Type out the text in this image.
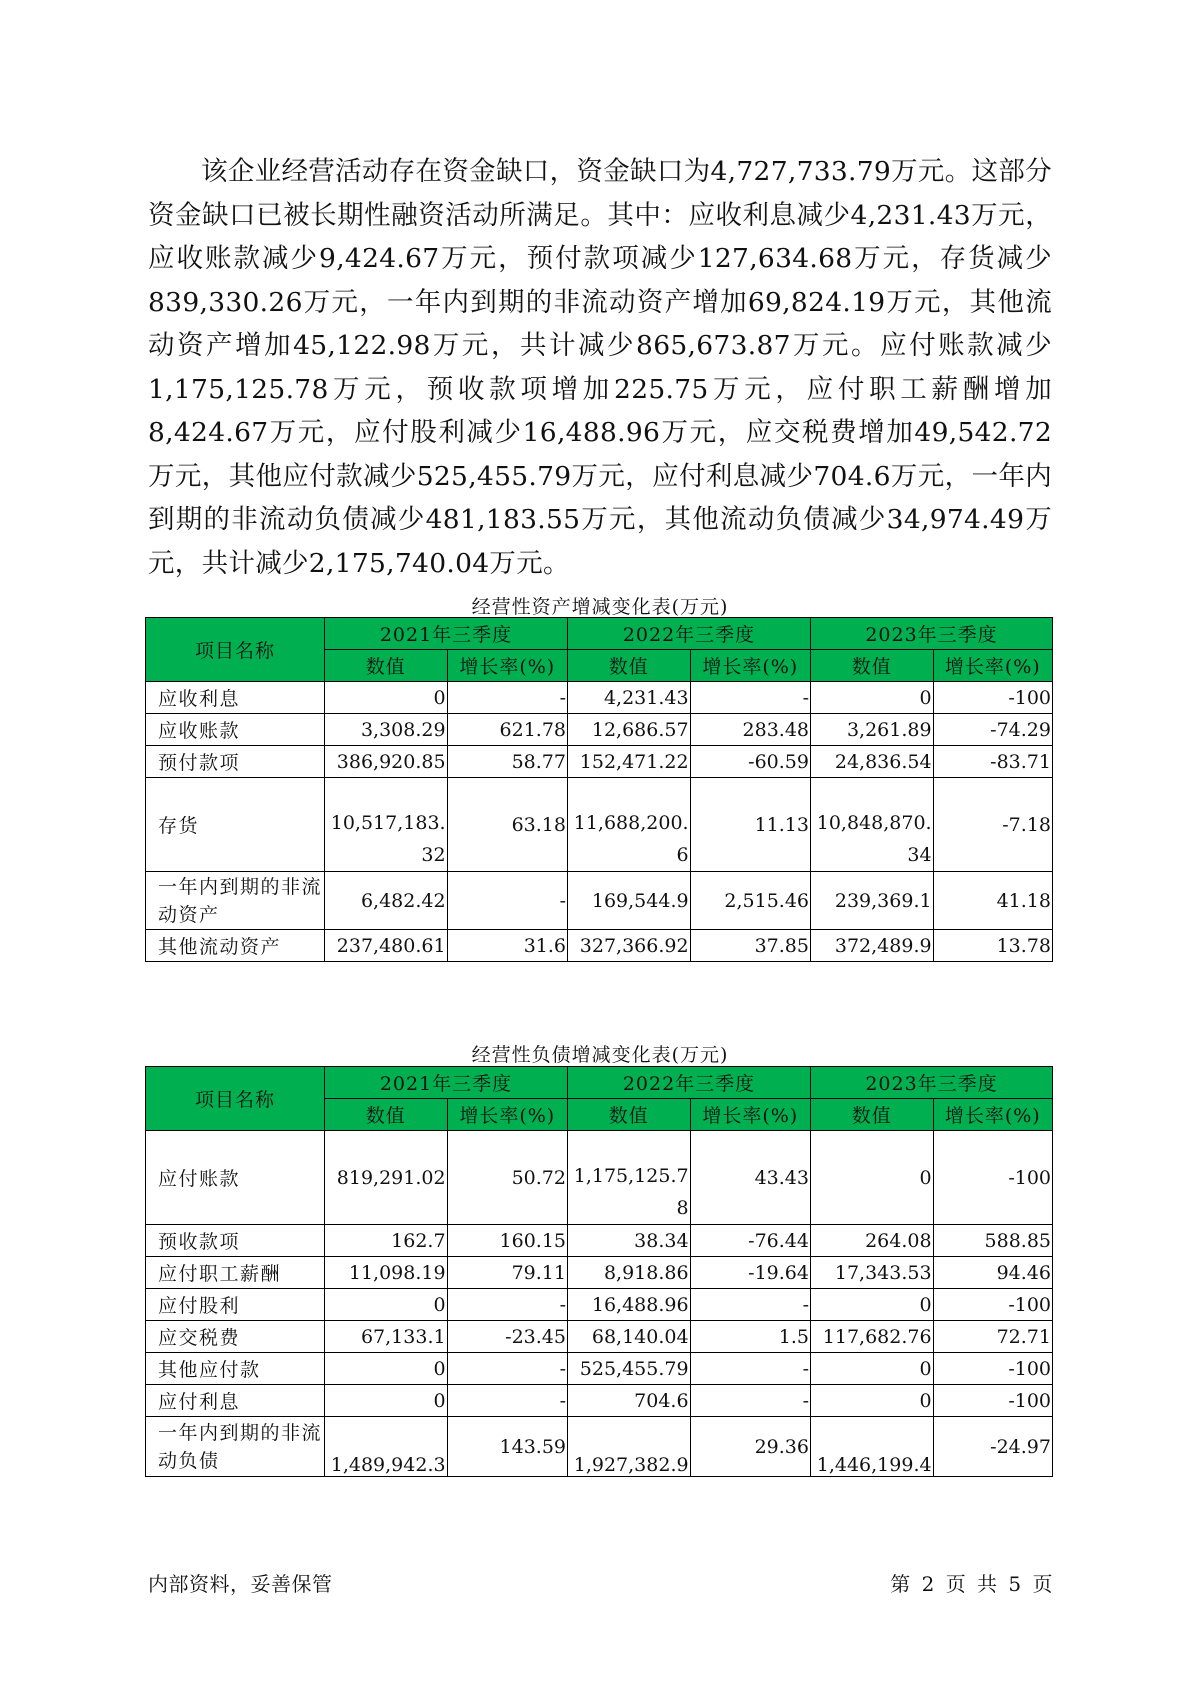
该企业经营活动存在资金缺口，资金缺口为4,727,733.79万元。这部分资金缺口已被长期性融资活动所满足。其中：应收利息减少4,231.43万元，应收账款减少9,424.67万元，预付款项减少127,634.68万元，存货减少839,330.26万元，一年内到期的非流动资产增加69,824.19万元，其他流动资产增加45,122.98万元，共计减少865,673.87万元。应付账款减少1,175,125.78万元，预收款项增加225.75万元，应付职工薪酬增加8,424.67万元，应付股利减少16,488.96万元，应交税费增加49,542.72万元，其他应付款减少525,455.79万元，应付利息减少704.6万元，一年内到期的非流动负债减少481,183.55万元，其他流动负债减少34,974.49万元，共计减少2,175,740.04万元。
经营性资产增减变化表(万元)
项目名称	2021年三季度		2022年三季度		2023年三季度	
	数值	增长率(%)	数值	增长率(%)	数值	增长率(%)
应收利息	0	-	4,231.43	-	0	-100
应收账款	3,308.29	621.78	12,686.57	283.48	3,261.89	-74.29
预付款项	386,920.85	58.77	152,471.22	-60.59	24,836.54	-83.71
存货	10,517,183.32	63.18	11,688,200.6	11.13	10,848,870.34	-7.18
一年内到期的非流动资产	6,482.42	-	169,544.9	2,515.46	239,369.1	41.18
其他流动资产	237,480.61	31.6	327,366.92	37.85	372,489.9	13.78
经营性负债增减变化表(万元)
项目名称	2021年三季度		2022年三季度		2023年三季度	
	数值	增长率(%)	数值	增长率(%)	数值	增长率(%)
应付账款	819,291.02	50.72	1,175,125.78	43.43	0	-100
预收款项	162.7	160.15	38.34	-76.44	264.08	588.85
应付职工薪酬	11,098.19	79.11	8,918.86	-19.64	17,343.53	94.46
应付股利	0	-	16,488.96	-	0	-100
应交税费	67,133.1	-23.45	68,140.04	1.5	117,682.76	72.71
其他应付款	0	-	525,455.79	-	0	-100
应付利息	0	-	704.6	-	0	-100
一年内到期的非流动负债	1,489,942.3	143.59	1,927,382.9	29.36	1,446,199.4	-24.97
内部资料，妥善保管	第 2 页 共 5 页
